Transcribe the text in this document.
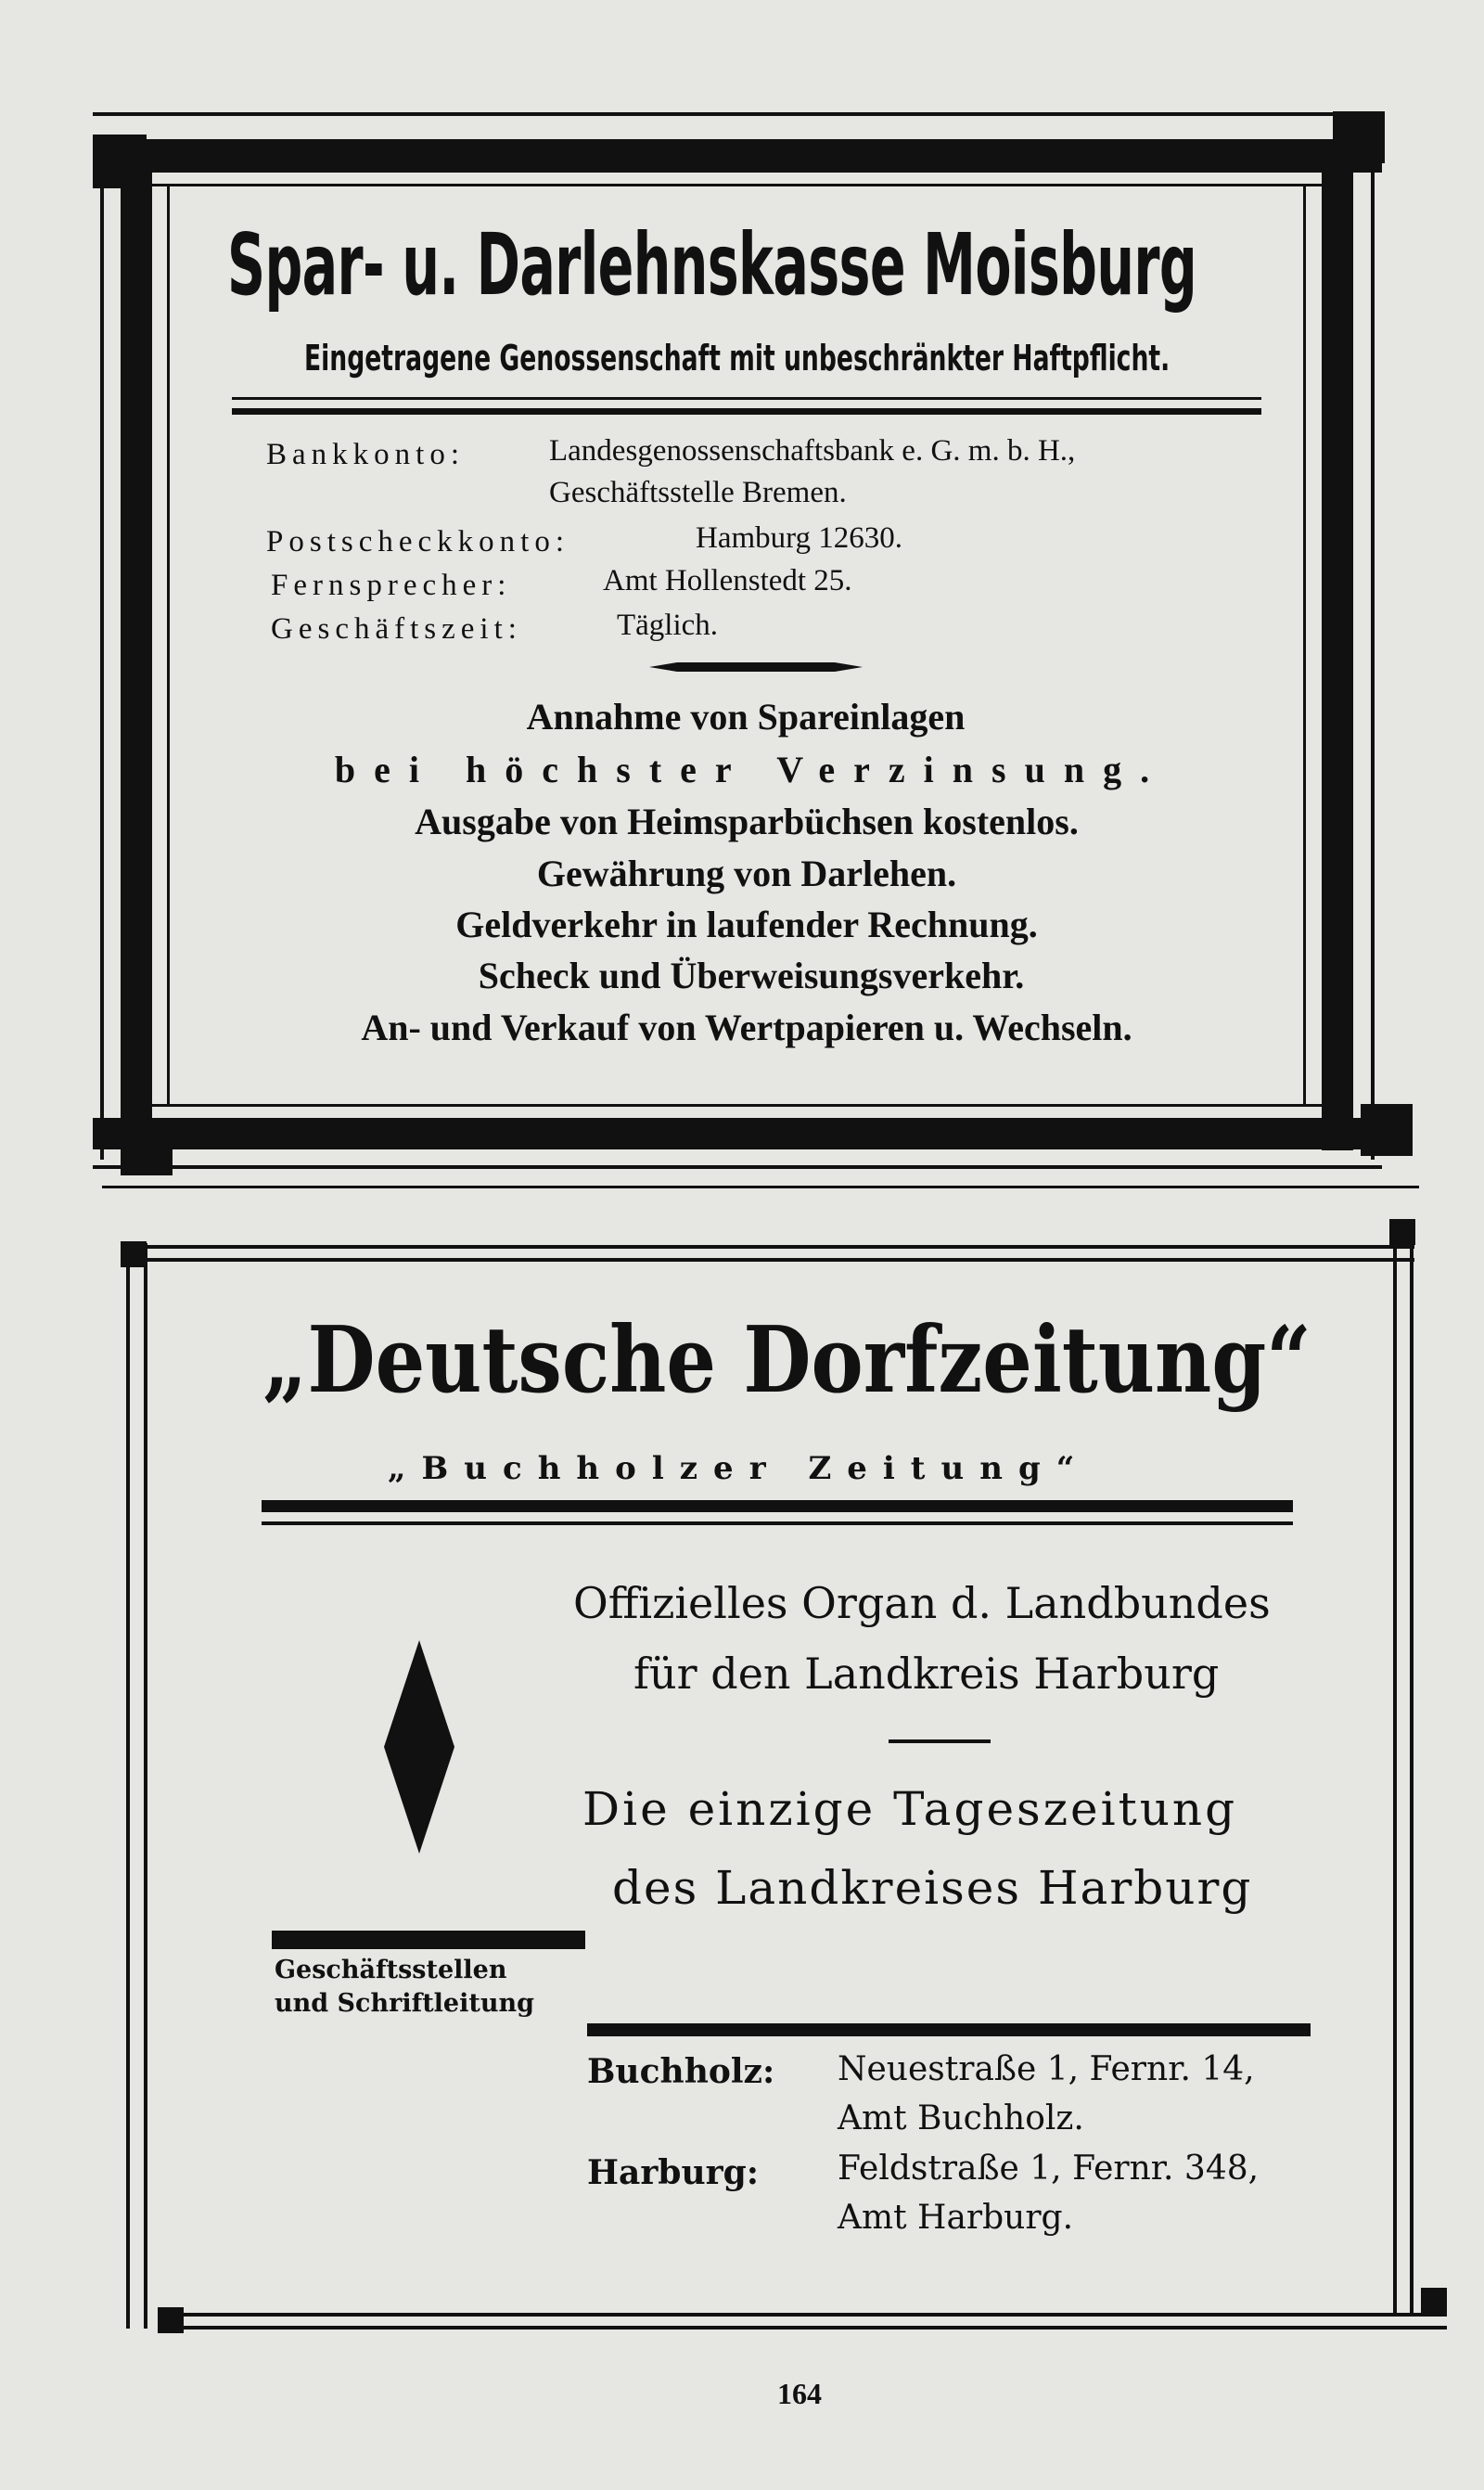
Spar- u. Darlehnskasse Moisburg
Eingetragene Genossenschaft mit unbeschränkter Haftpflicht.
Bankkonto:	Landesgenossenschaftsbank e. G. m. b. H.,
Geschäftsstelle Bremen.
Postscheckkonto:	Hamburg 12630.
Fernsprecher:	Amt Hollenstedt 25.
Geschäftszeit:	Täglich.
Annahme von Spareinlagen
bei höchster Verzinsung.
Ausgabe von Heimsparbüchsen kostenlos.
Gewährung von Darlehen.
Geldverkehr in laufender Rechnung.
Scheck und Überweisungsverkehr.
An- und Verkauf von Wertpapieren u. Wechseln.
„Deutsche Dorfzeitung“
„Buchholzer Zeitung“
Offizielles Organ d. Landbundes
für den Landkreis Harburg
Die einzige Tageszeitung
des Landkreises Harburg
Geschäftsstellen
und Schriftleitung
Buchholz: Neuestraße 1, Fernr. 14,
Amt Buchholz.
Harburg: Feldstraße 1, Fernr. 348,
Amt Harburg.
164
